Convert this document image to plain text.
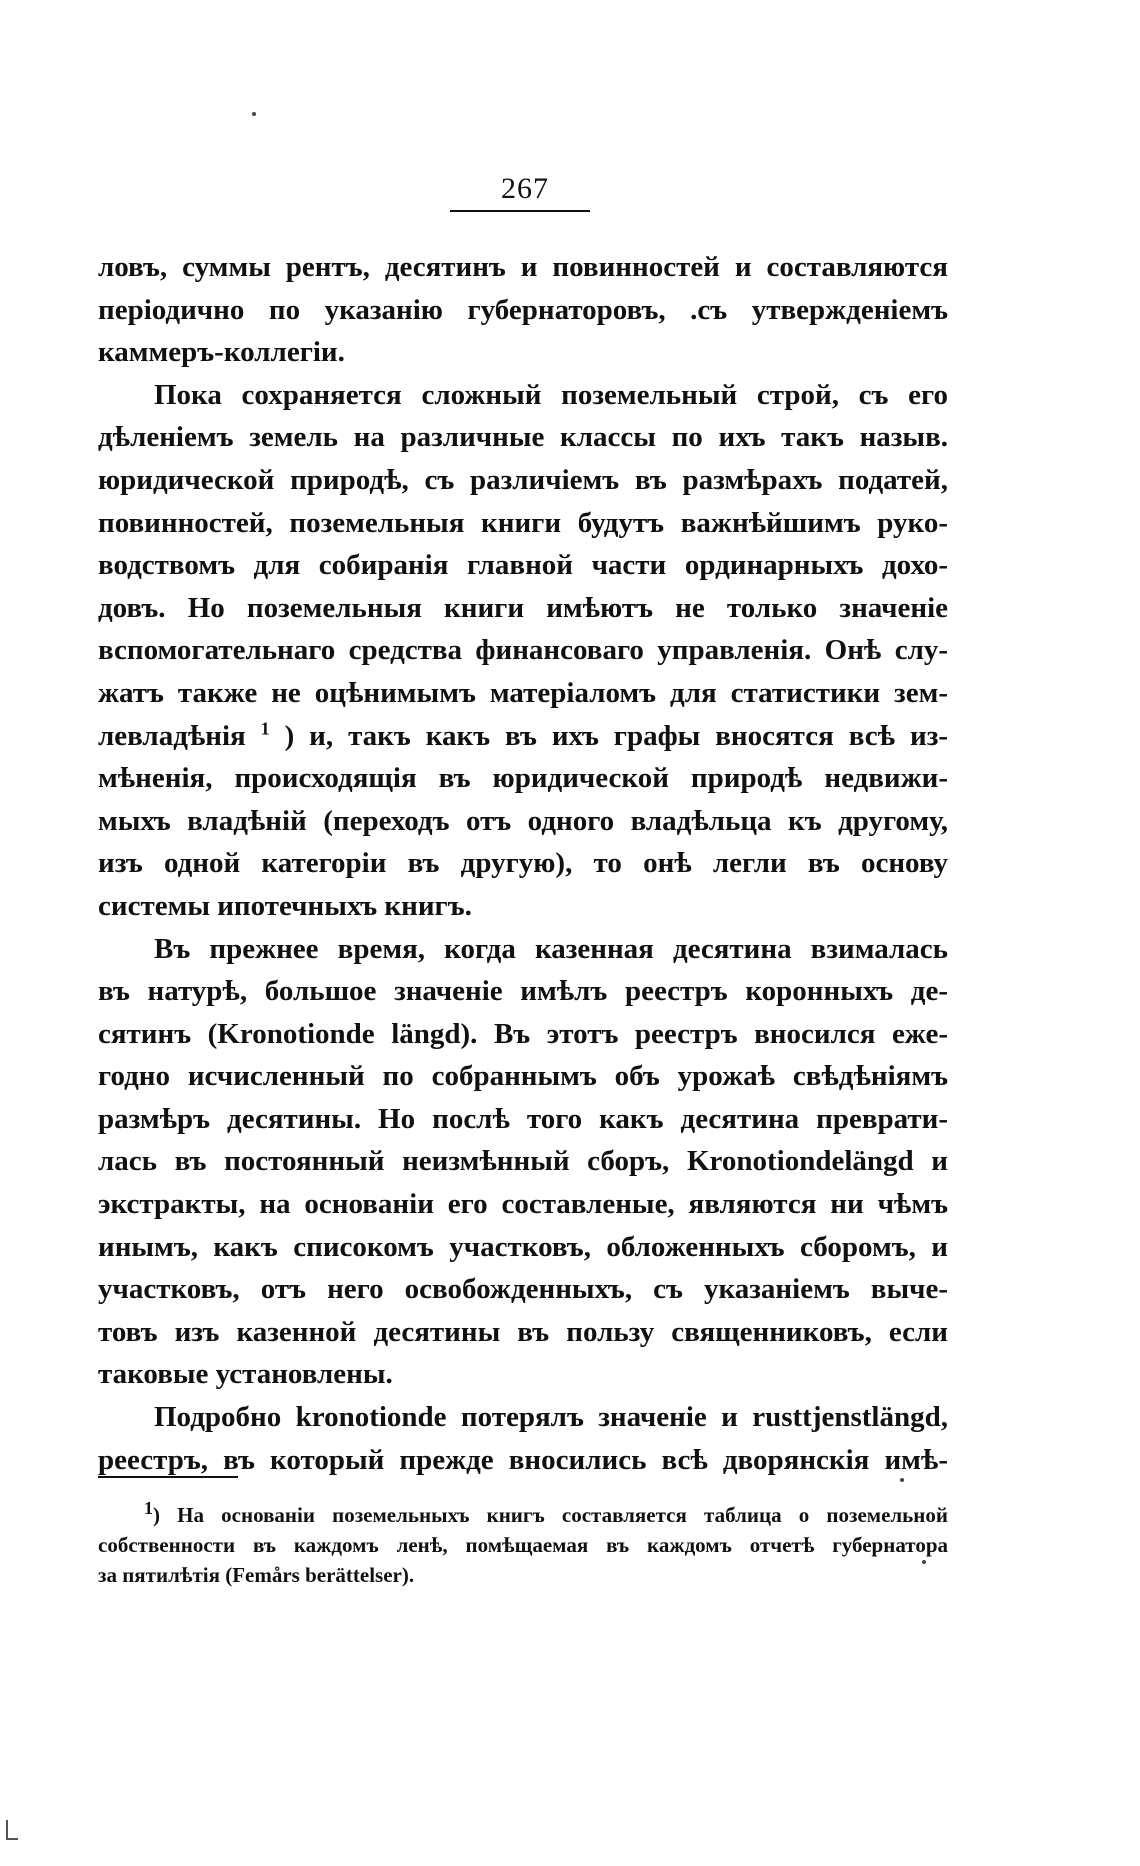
267
ловъ, суммы рентъ, десятинъ и повинностей и составляются
періодично по указанію губернаторовъ, .съ утвержденіемъ
каммеръ-коллегіи.
Пока сохраняется сложный поземельный строй, съ его
дѣленіемъ земель на различные классы по ихъ такъ назыв.
юридической природѣ, съ различіемъ въ размѣрахъ податей,
повинностей, поземельныя книги будутъ важнѣйшимъ руко-
водствомъ для собиранія главной части ординарныхъ дохо-
довъ. Но поземельныя книги имѣютъ не только значеніе
вспомогательнаго средства финансоваго управленія. Онѣ слу-
жатъ также не оцѣнимымъ матеріаломъ для статистики зем-
левладѣнія $^1$ ) и, такъ какъ въ ихъ графы вносятся всѣ из-
мѣненія, происходящія въ юридической природѣ недвижи-
мыхъ владѣній (переходъ отъ одного владѣльца къ другому,
изъ одной категоріи въ другую), то онѣ легли въ основу
системы ипотечныхъ книгъ.
Въ прежнее время, когда казенная десятина взималась
въ натурѣ, большое значеніе имѣлъ реестръ коронныхъ де-
сятинъ (Kronotionde längd). Въ этотъ реестръ вносился еже-
годно исчисленный по собраннымъ объ урожаѣ свѣдѣніямъ
размѣръ десятины. Но послѣ того какъ десятина преврати-
лась въ постоянный неизмѣнный сборъ, Kronotiondelängd и
экстракты, на основаніи его составленые, являются ни чѣмъ
инымъ, какъ списокомъ участковъ, обложенныхъ сборомъ, и
участковъ, отъ него освобожденныхъ, съ указаніемъ выче-
товъ изъ казенной десятины въ пользу священниковъ, если
таковые установлены.
Подробно kronotionde потерялъ значеніе и rusttjenstlängd,
реестръ, въ который прежде вносились всѣ дворянскія имѣ-
$^1$) На основаніи поземельныхъ книгъ составляется таблица о поземельной
собственности въ каждомъ ленѣ, помѣщаемая въ каждомъ отчетѣ губернатора
за пятилѣтія (Femårs berättelser).
